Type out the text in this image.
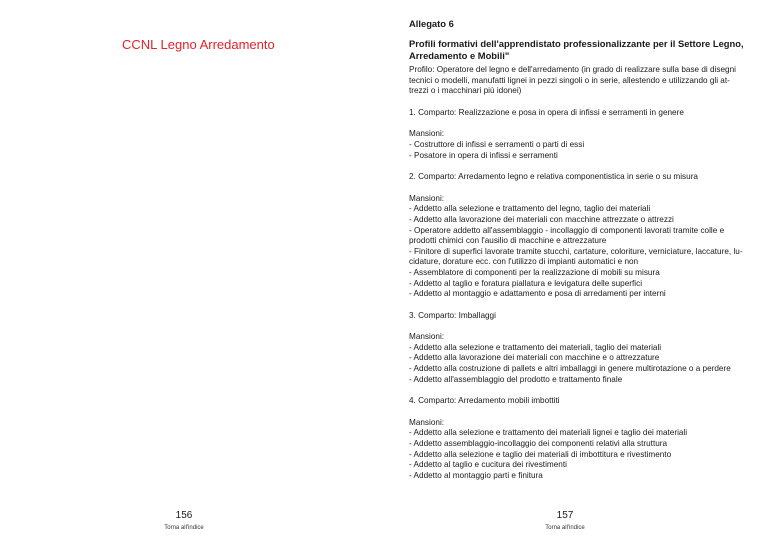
CCNL Legno Arredamento
156
Torna all'indice
Allegato 6
Profili formativi dell'apprendistato professionalizzante per il Settore Legno,
Arredamento e Mobili"
Profilo: Operatore del legno e dell'arredamento (in grado di realizzare sulla base di disegni
tecnici o modelli, manufatti lignei in pezzi singoli o in serie, allestendo e utilizzando gli at-
trezzi o i macchinari più idonei)
1. Comparto: Realizzazione e posa in opera di infissi e serramenti in genere
Mansioni:
- Costruttore di infissi e serramenti o parti di essi
- Posatore in opera di infissi e serramenti
2. Comparto: Arredamento legno e relativa componentistica in serie o su misura
Mansioni:
- Addetto alla selezione e trattamento del legno, taglio dei materiali
- Addetto alla lavorazione dei materiali con macchine attrezzate o attrezzi
- Operatore addetto all'assemblaggio - incollaggio di componenti lavorati tramite colle e
prodotti chimici con l'ausilio di macchine e attrezzature
- Finitore di superfici lavorate tramite stucchi, cartature, coloriture, verniciature, laccature, lu-
cidature, dorature ecc. con l'utilizzo di impianti automatici e non
- Assemblatore di componenti per la realizzazione di mobili su misura
- Addetto al taglio e foratura piallatura e levigatura delle superfici
- Addetto al montaggio e adattamento e posa di arredamenti per interni
3. Comparto: Imballaggi
Mansioni:
- Addetto alla selezione e trattamento dei materiali, taglio dei materiali
- Addetto alla lavorazione dei materiali con macchine e o attrezzature
- Addetto alla costruzione di pallets e altri imballaggi in genere multirotazione o a perdere
- Addetto all'assemblaggio del prodotto e trattamento finale
4. Comparto: Arredamento mobili imbottiti
Mansioni:
- Addetto alla selezione e trattamento dei materiali lignei e taglio dei materiali
- Addetto assemblaggio-incollaggio dei componenti relativi alla struttura
- Addetto alla selezione e taglio dei materiali di imbottitura e rivestimento
- Addetto al taglio e cucitura dei rivestimenti
- Addetto al montaggio parti e finitura
157
Torna all'indice
